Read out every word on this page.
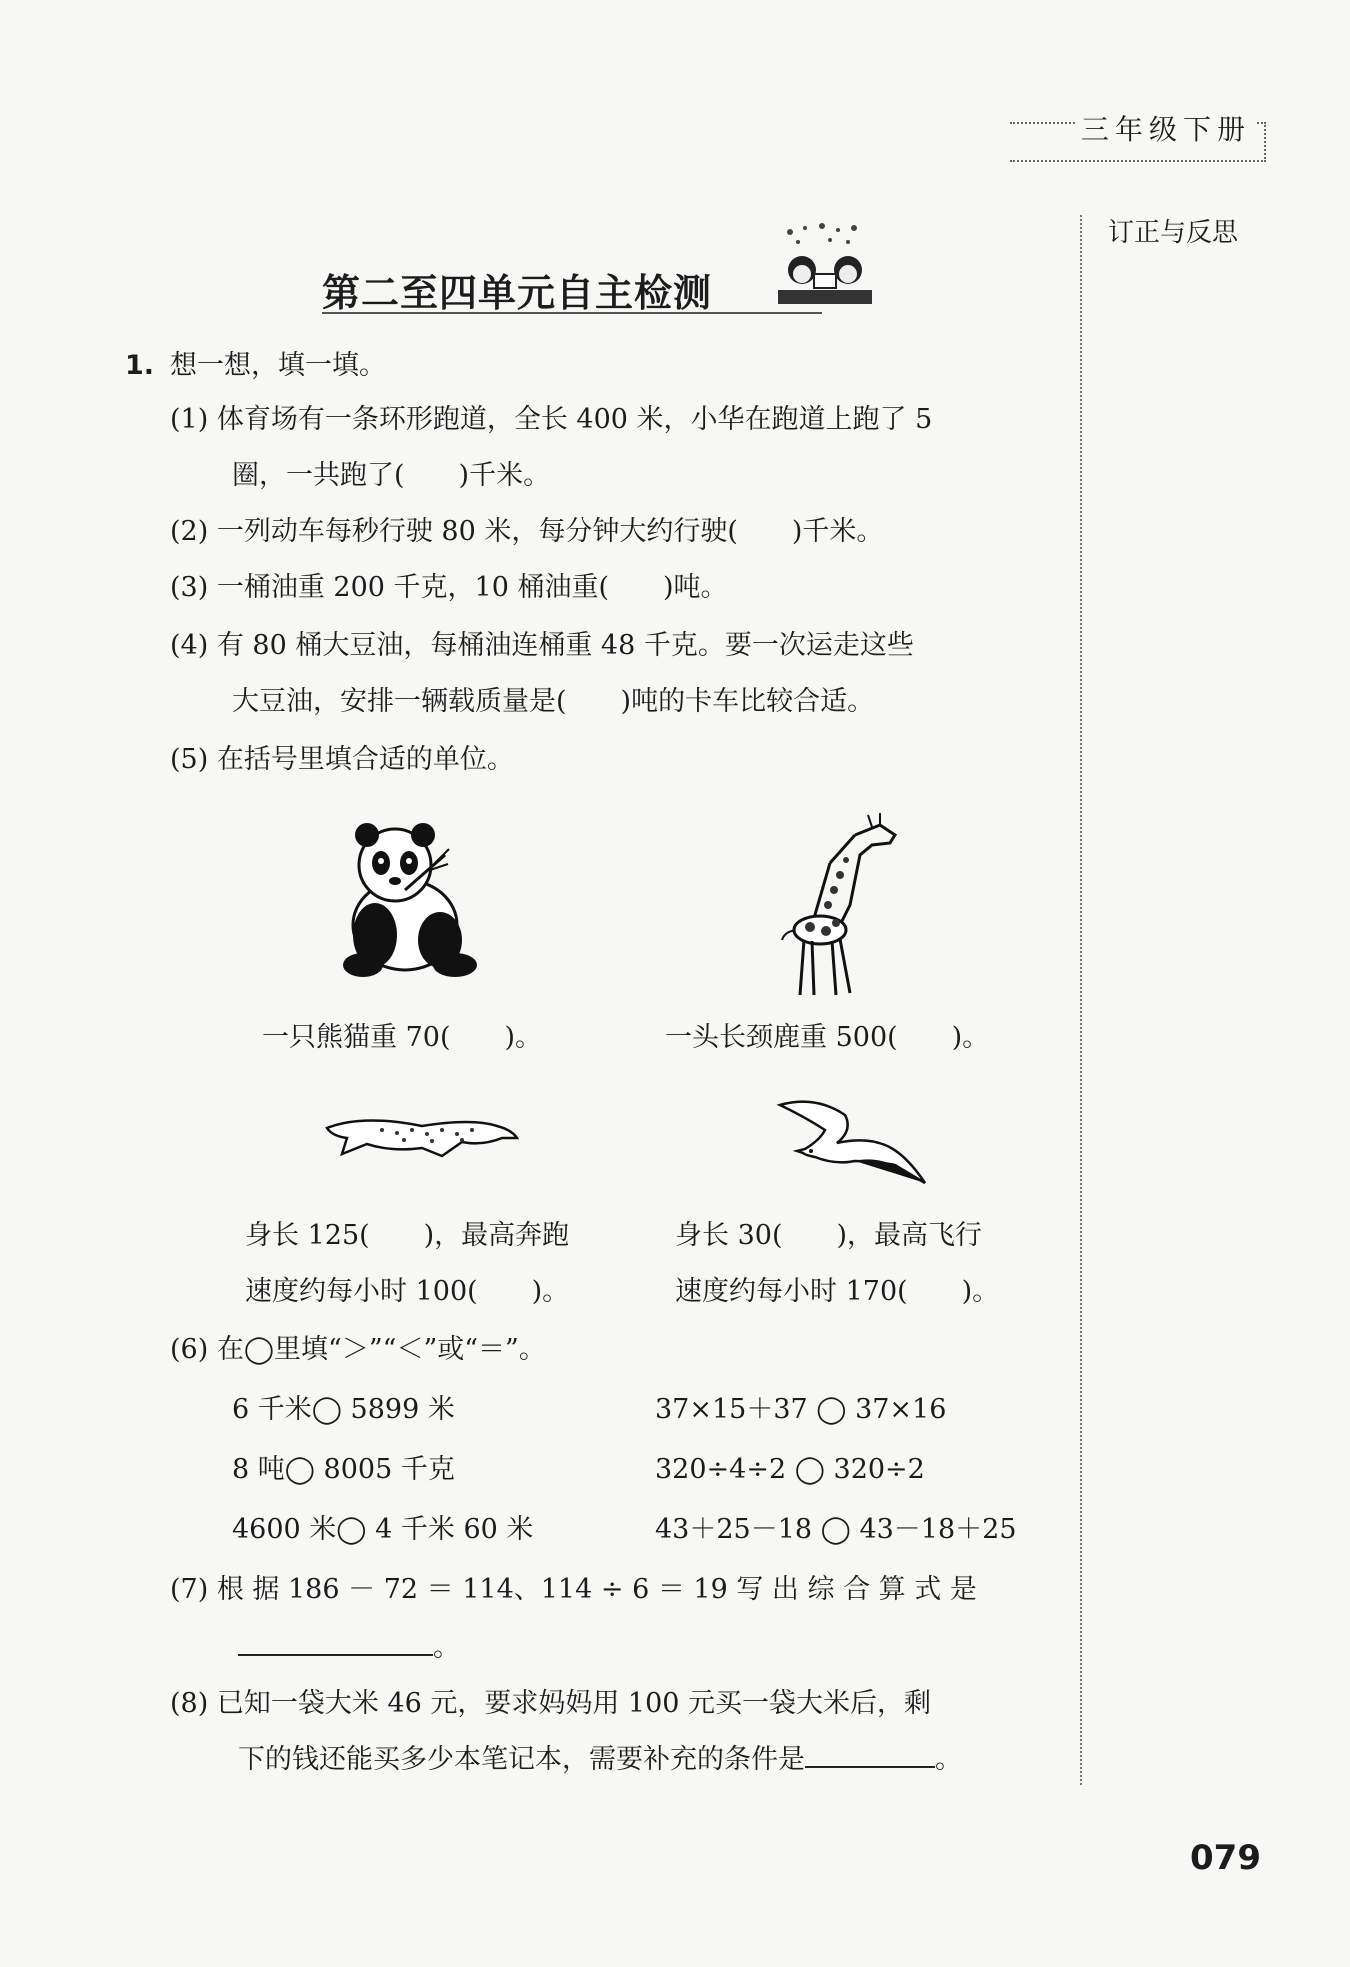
三年级下册
订正与反思
第二至四单元自主检测
1. 想一想，填一填。
(1) 体育场有一条环形跑道，全长 400 米，小华在跑道上跑了 5
圈，一共跑了(　　)千米。
(2) 一列动车每秒行驶 80 米，每分钟大约行驶(　　)千米。
(3) 一桶油重 200 千克，10 桶油重(　　)吨。
(4) 有 80 桶大豆油，每桶油连桶重 48 千克。要一次运走这些
大豆油，安排一辆载质量是(　　)吨的卡车比较合适。
(5) 在括号里填合适的单位。
一只熊猫重 70(　　)。	一头长颈鹿重 500(　　)。
身长 125(　　)，最高奔跑
速度约每小时 100(　　)。
身长 30(　　)，最高飞行
速度约每小时 170(　　)。
(6) 在◯里填“＞”“＜”或“＝”。
6 千米◯ 5899 米
8 吨◯ 8005 千克
4600 米◯ 4 千米 60 米
37×15＋37 ◯ 37×16
320÷4÷2 ◯ 320÷2
43＋25－18 ◯ 43－18＋25
(7) 根 据 186 － 72 ＝ 114、114 ÷ 6 ＝ 19 写 出 综 合 算 式 是
。
(8) 已知一袋大米 46 元，要求妈妈用 100 元买一袋大米后，剩
下的钱还能买多少本笔记本，需要补充的条件是	。
079
